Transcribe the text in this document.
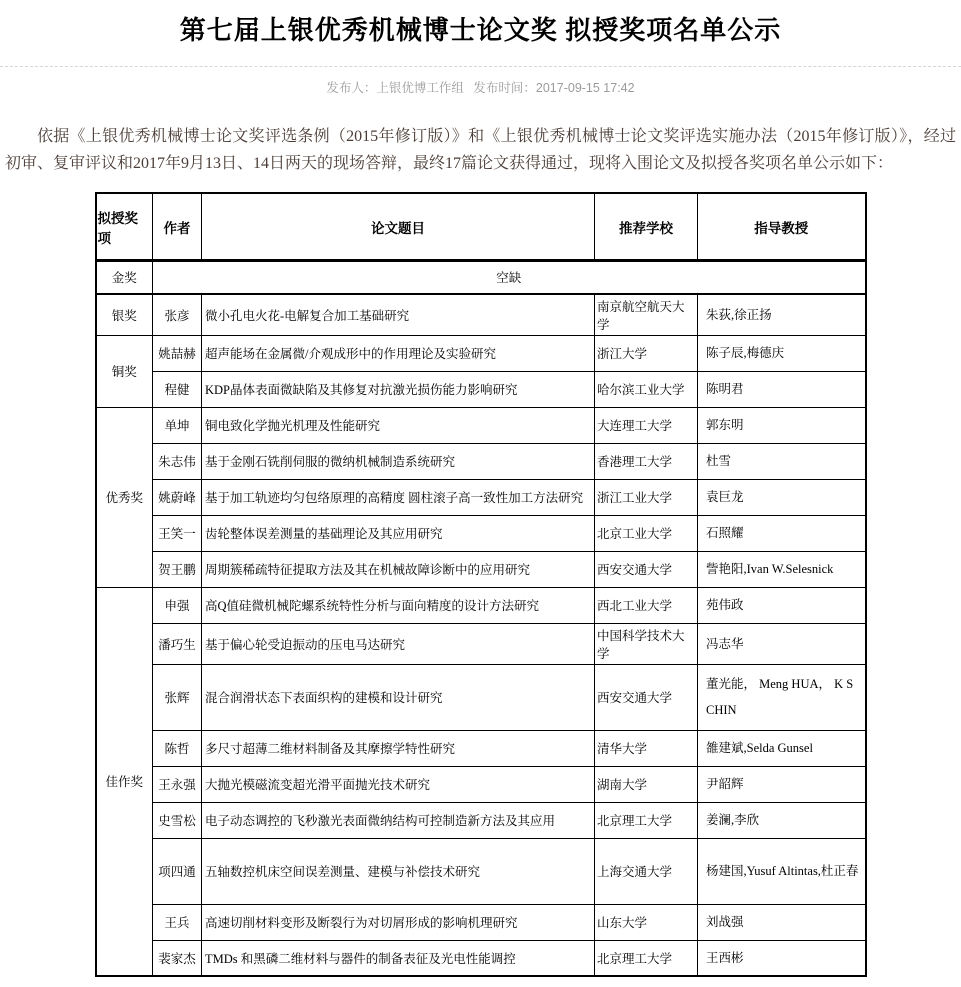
第七届上银优秀机械博士论文奖 拟授奖项名单公示
发布人：上银优博工作组 发布时间：2017-09-15 17:42
依据《上银优秀机械博士论文奖评选条例（2015年修订版）》和《上银优秀机械博士论文奖评选实施办法（2015年修订版）》，经过初审、复审评议和2017年9月13日、14日两天的现场答辩，最终17篇论文获得通过，现将入围论文及拟授各奖项名单公示如下：
拟授奖项	作者	论文题目	推荐学校	指导教授
金奖	空缺			
银奖	张彦	微小孔电火花-电解复合加工基础研究	南京航空航天大学	朱荻,徐正扬
铜奖	姚喆赫	超声能场在金属微/介观成形中的作用理论及实验研究	浙江大学	陈子辰,梅德庆
	程健	KDP晶体表面微缺陷及其修复对抗激光损伤能力影响研究	哈尔滨工业大学	陈明君
优秀奖	单坤	铜电致化学抛光机理及性能研究	大连理工大学	郭东明
	朱志伟	基于金刚石铣削伺服的微纳机械制造系统研究	香港理工大学	杜雪
	姚蔚峰	基于加工轨迹均匀包络原理的高精度 圆柱滚子高一致性加工方法研究	浙江工业大学	袁巨龙
	王笑一	齿轮整体误差测量的基础理论及其应用研究	北京工业大学	石照耀
	贺王鹏	周期簇稀疏特征提取方法及其在机械故障诊断中的应用研究	西安交通大学	訾艳阳,Ivan W.Selesnick
佳作奖	申强	高Q值硅微机械陀螺系统特性分析与面向精度的设计方法研究	西北工业大学	苑伟政
	潘巧生	基于偏心轮受迫振动的压电马达研究	中国科学技术大学	冯志华
	张辉	混合润滑状态下表面织构的建模和设计研究	西安交通大学	董光能， Meng HUA， K S CHIN
	陈哲	多尺寸超薄二维材料制备及其摩擦学特性研究	清华大学	雒建斌,Selda Gunsel
	王永强	大抛光模磁流变超光滑平面抛光技术研究	湖南大学	尹韶辉
	史雪松	电子动态调控的飞秒激光表面微纳结构可控制造新方法及其应用	北京理工大学	姜澜,李欣
	项四通	五轴数控机床空间误差测量、建模与补偿技术研究	上海交通大学	杨建国,Yusuf Altintas,杜正春
	王兵	高速切削材料变形及断裂行为对切屑形成的影响机理研究	山东大学	刘战强
	裴家杰	TMDs 和黑磷二维材料与器件的制备表征及光电性能调控	北京理工大学	王西彬
